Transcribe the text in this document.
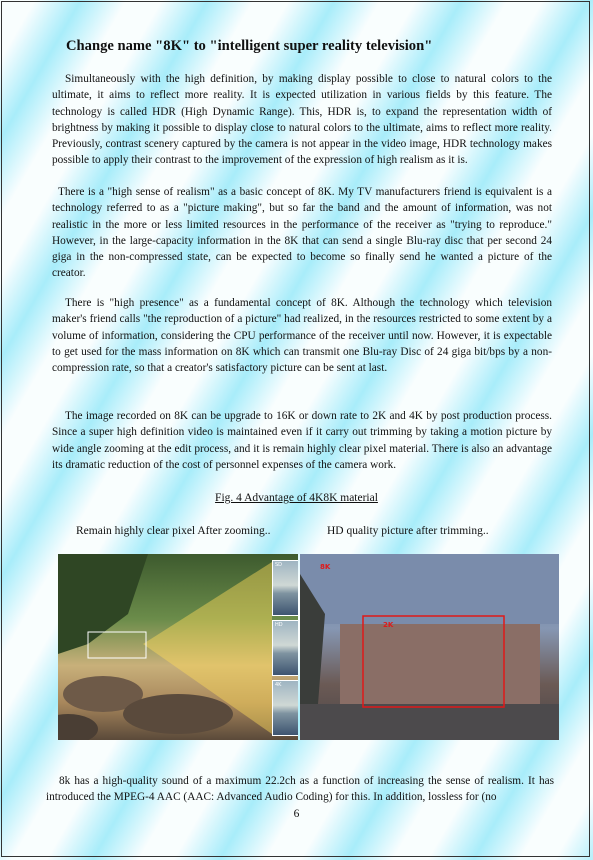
Change name "8K" to "intelligent super reality television"

Simultaneously with the high definition, by making display possible to close to natural colors to the ultimate, it aims to reflect more reality. It is expected utilization in various fields by this feature. The technology is called HDR (High Dynamic Range). This, HDR is, to expand the representation width of brightness by making it possible to display close to natural colors to the ultimate, aims to reflect more reality. Previously, contrast scenery captured by the camera is not appear in the video image, HDR technology makes possible to apply their contrast to the improvement of the expression of high realism as it is.

There is a "high sense of realism" as a basic concept of 8K. My TV manufacturers friend is equivalent is a technology referred to as a "picture making", but so far the band and the amount of information, was not realistic in the more or less limited resources in the performance of the receiver as "trying to reproduce." However, in the large-capacity information in the 8K that can send a single Blu-ray disc that per second 24 giga in the non-compressed state, can be expected to become so finally send he wanted a picture of the creator.

There is "high presence" as a fundamental concept of 8K. Although the technology which television maker's friend calls "the reproduction of a picture" had realized, in the resources restricted to some extent by a volume of information, considering the CPU performance of the receiver until now. However, it is expectable to get used for the mass information on 8K which can transmit one Blu-ray Disc of 24 giga bit/bps by a non-compression rate, so that a creator's satisfactory picture can be sent at last.

The image recorded on 8K can be upgrade to 16K or down rate to 2K and 4K by post production process. Since a super high definition video is maintained even if it carry out trimming by taking a motion picture by wide angle zooming at the edit process, and it is remain highly clear pixel material. There is also an advantage its dramatic reduction of the cost of personnel expenses of the camera work.

Fig. 4 Advantage of 4K8K material
Remain highly clear pixel After zooming..	HD quality picture after trimming..
SD
HD
4K
8K
2K

8k has a high-quality sound of a maximum 22.2ch as a function of increasing the sense of realism. It has introduced the MPEG-4 AAC (AAC: Advanced Audio Coding) for this. In addition, lossless for (no

6
